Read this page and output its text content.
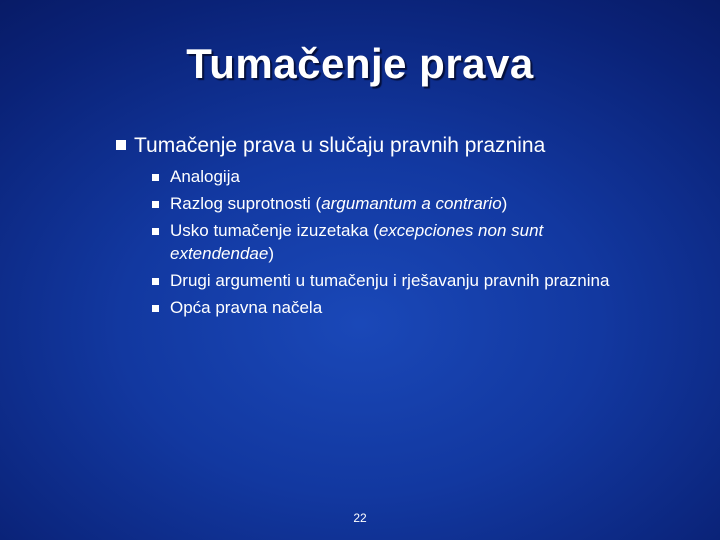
Tumačenje prava
Tumačenje prava u slučaju pravnih praznina
Analogija
Razlog suprotnosti (argumantum a contrario)
Usko tumačenje izuzetaka (excepciones non sunt extendendae)
Drugi argumenti u tumačenju i rješavanju pravnih praznina
Opća pravna načela
22
